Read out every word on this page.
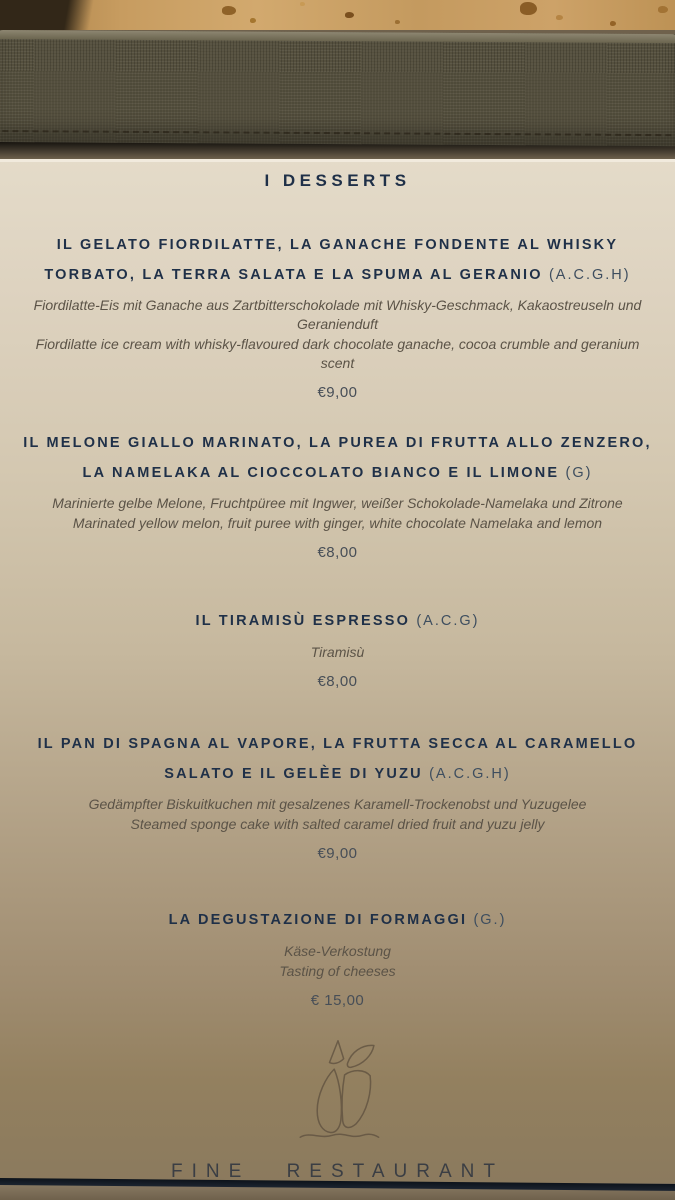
I DESSERTS
IL GELATO FIORDILATTE, LA GANACHE FONDENTE AL WHISKY TORBATO, LA TERRA SALATA E LA SPUMA AL GERANIO (A.C.G.H)

Fiordilatte-Eis mit Ganache aus Zartbitterschokolade mit Whisky-Geschmack, Kakaostreuseln und Geranienduft

Fiordilatte ice cream with whisky-flavoured dark chocolate ganache, cocoa crumble and geranium scent

€9,00

IL MELONE GIALLO MARINATO, LA PUREA DI FRUTTA ALLO ZENZERO, LA NAMELAKA AL CIOCCOLATO BIANCO E IL LIMONE (G)

Marinierte gelbe Melone, Fruchtpüree mit Ingwer, weißer Schokolade-Namelaka und Zitrone

Marinated yellow melon, fruit puree with ginger, white chocolate Namelaka and lemon

€8,00

IL TIRAMISÙ ESPRESSO (A.C.G)

Tiramisù

€8,00

IL PAN DI SPAGNA AL VAPORE, LA FRUTTA SECCA AL CARAMELLO SALATO E IL GELÈE DI YUZU (A.C.G.H)

Gedämpfter Biskuitkuchen mit gesalzenes Karamell-Trockenobst und Yuzugelee

Steamed sponge cake with salted caramel dried fruit and yuzu jelly

€9,00

LA DEGUSTAZIONE DI FORMAGGI (G.)

Käse-Verkostung

Tasting of cheeses

€ 15,00

FINE RESTAURANT
